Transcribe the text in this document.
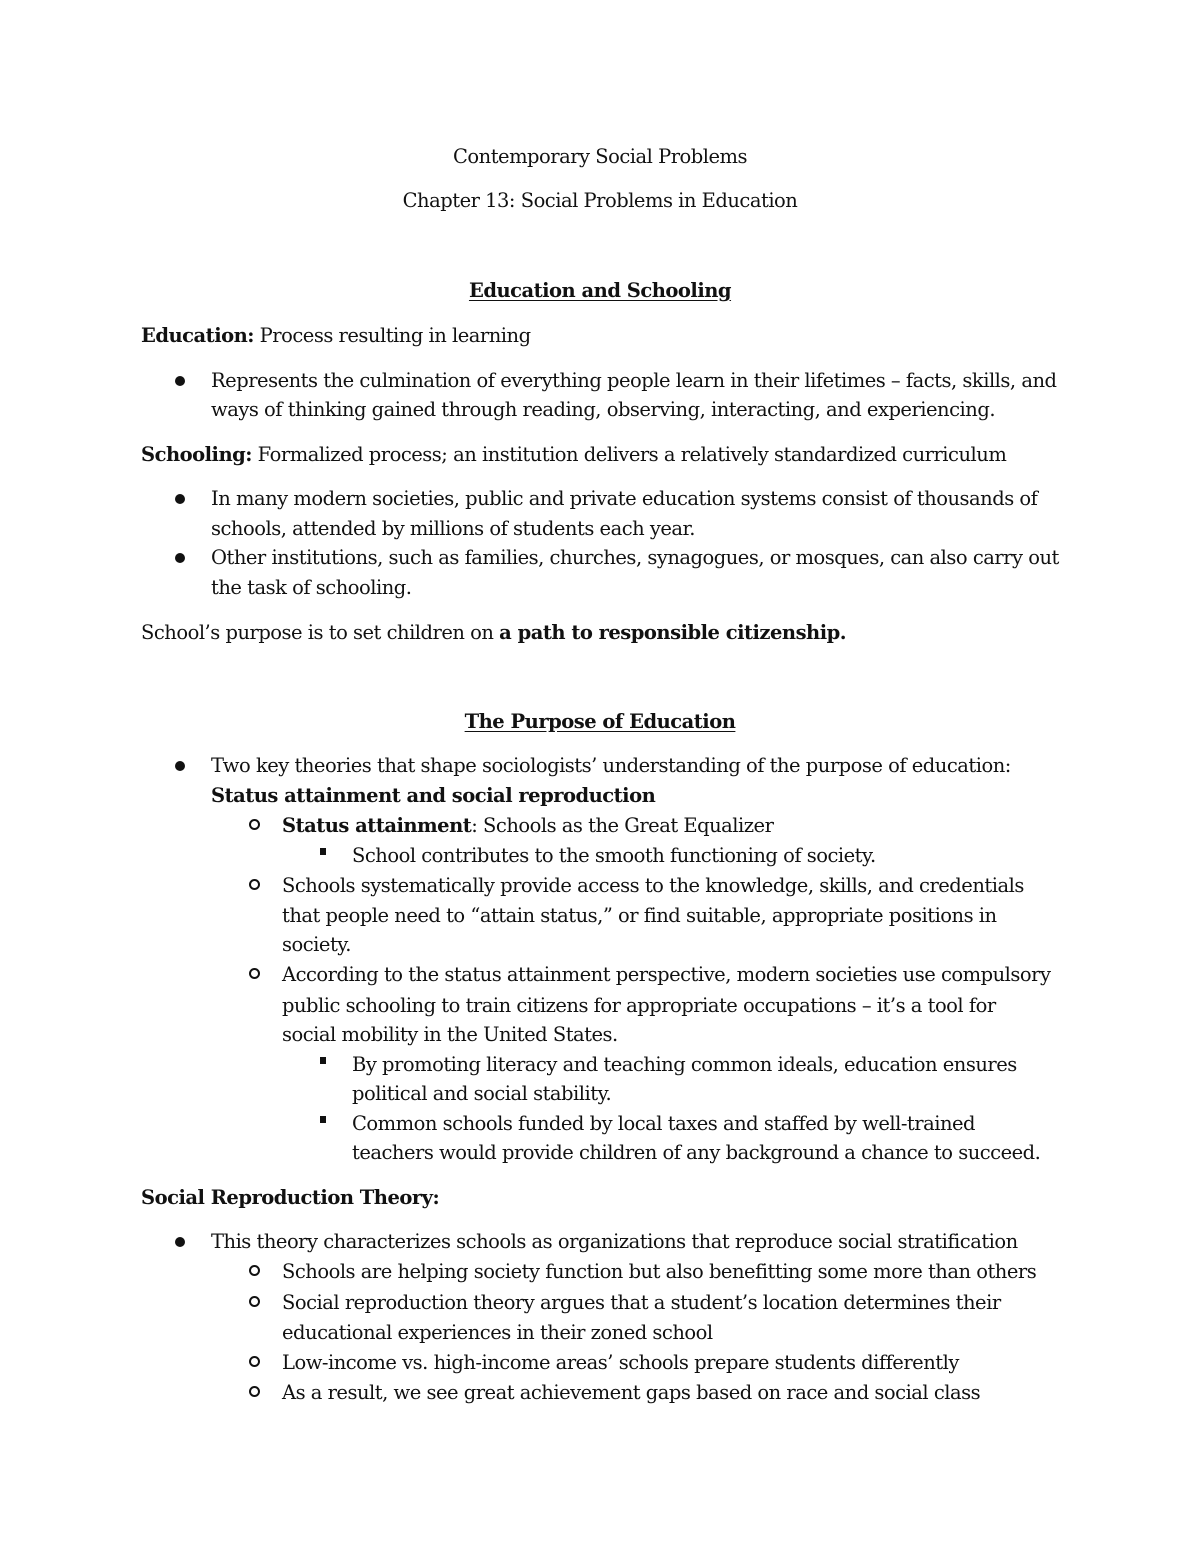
Contemporary Social Problems
Chapter 13: Social Problems in Education
Education and Schooling
Education: Process resulting in learning
Represents the culmination of everything people learn in their lifetimes – facts, skills, and
ways of thinking gained through reading, observing, interacting, and experiencing.
Schooling: Formalized process; an institution delivers a relatively standardized curriculum
In many modern societies, public and private education systems consist of thousands of
schools, attended by millions of students each year.
Other institutions, such as families, churches, synagogues, or mosques, can also carry out
the task of schooling.
School’s purpose is to set children on a path to responsible citizenship.
The Purpose of Education
Two key theories that shape sociologists’ understanding of the purpose of education:
Status attainment and social reproduction
Status attainment: Schools as the Great Equalizer
School contributes to the smooth functioning of society.
Schools systematically provide access to the knowledge, skills, and credentials
that people need to “attain status,” or find suitable, appropriate positions in
society.
According to the status attainment perspective, modern societies use compulsory
public schooling to train citizens for appropriate occupations – it’s a tool for
social mobility in the United States.
By promoting literacy and teaching common ideals, education ensures
political and social stability.
Common schools funded by local taxes and staffed by well-trained
teachers would provide children of any background a chance to succeed.
Social Reproduction Theory:
This theory characterizes schools as organizations that reproduce social stratification
Schools are helping society function but also benefitting some more than others
Social reproduction theory argues that a student’s location determines their
educational experiences in their zoned school
Low-income vs. high-income areas’ schools prepare students differently
As a result, we see great achievement gaps based on race and social class
